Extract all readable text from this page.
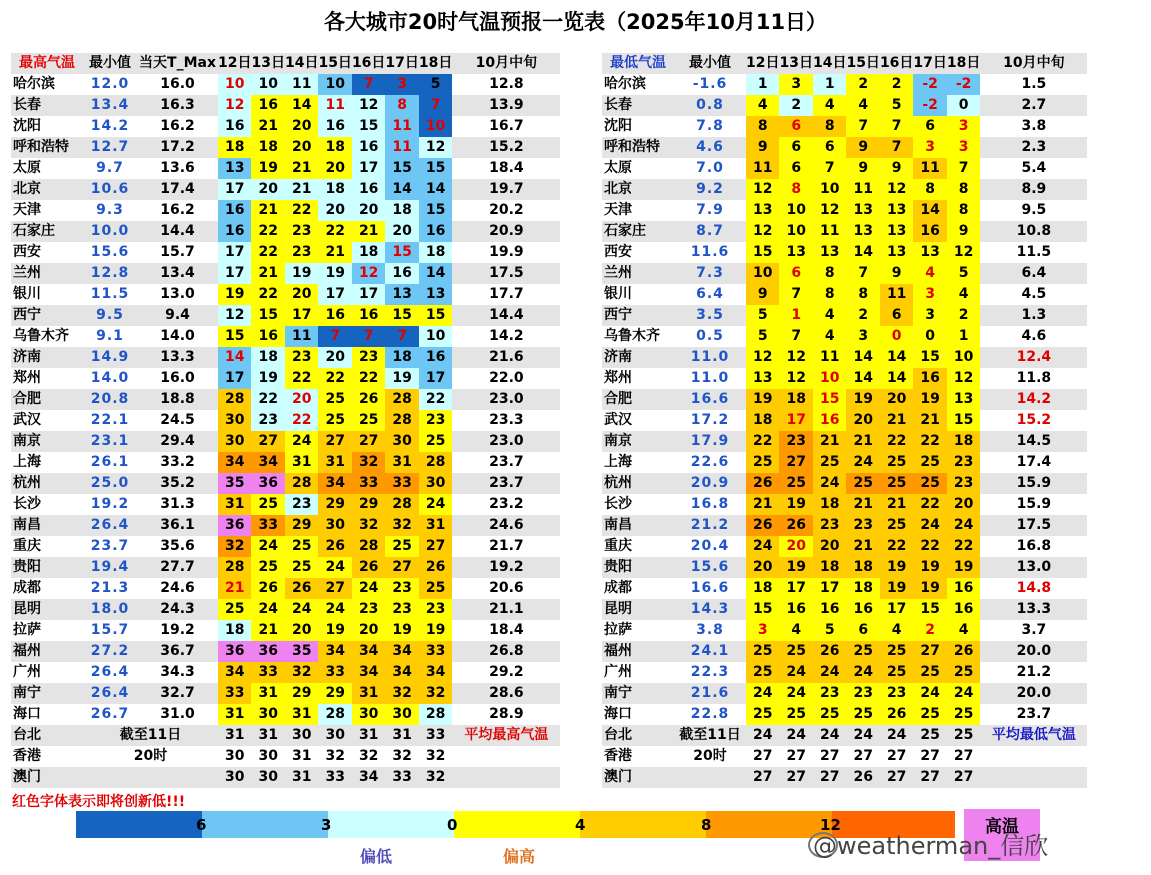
各大城市20时气温预报一览表（2025年10月11日）
最高气温	最小值	当天T_Max	12日	13日	14日	15日	16日	17日	18日	10月中旬
哈尔滨	12.0	16.0	10	10	11	10	7	3	5	12.8
长春	13.4	16.3	12	16	14	11	12	8	7	13.9
沈阳	14.2	16.2	16	21	20	16	15	11	10	16.7
呼和浩特	12.7	17.2	18	18	20	18	16	11	12	15.2
太原	9.7	13.6	13	19	21	20	17	15	15	18.4
北京	10.6	17.4	17	20	21	18	16	14	14	19.7
天津	9.3	16.2	16	21	22	20	20	18	15	20.2
石家庄	10.0	14.4	16	22	23	22	21	20	16	20.9
西安	15.6	15.7	17	22	23	21	18	15	18	19.9
兰州	12.8	13.4	17	21	19	19	12	16	14	17.5
银川	11.5	13.0	19	22	20	17	17	13	13	17.7
西宁	9.5	9.4	12	15	17	16	16	15	15	14.4
乌鲁木齐	9.1	14.0	15	16	11	7	7	7	10	14.2
济南	14.9	13.3	14	18	23	20	23	18	16	21.6
郑州	14.0	16.0	17	19	22	22	22	19	17	22.0
合肥	20.8	18.8	28	22	20	25	26	28	22	23.0
武汉	22.1	24.5	30	23	22	25	25	28	23	23.3
南京	23.1	29.4	30	27	24	27	27	30	25	23.0
上海	26.1	33.2	34	34	31	31	32	31	28	23.7
杭州	25.0	35.2	35	36	28	34	33	33	30	23.7
长沙	19.2	31.3	31	25	23	29	29	28	24	23.2
南昌	26.4	36.1	36	33	29	30	32	32	31	24.6
重庆	23.7	35.6	32	24	25	26	28	25	27	21.7
贵阳	19.4	27.7	28	25	25	24	26	27	26	19.2
成都	21.3	24.6	21	26	26	27	24	23	25	20.6
昆明	18.0	24.3	25	24	24	24	23	23	23	21.1
拉萨	15.7	19.2	18	21	20	19	20	19	19	18.4
福州	27.2	36.7	36	36	35	34	34	34	33	26.8
广州	26.4	34.3	34	33	32	33	34	34	34	29.2
南宁	26.4	32.7	33	31	29	29	31	32	32	28.6
海口	26.7	31.0	31	30	31	28	30	30	28	28.9
台北	截至11日		31	31	30	30	31	31	33	平均最高气温
香港	20时		30	30	31	32	32	32	32	
澳门			30	30	31	33	34	33	32	
最低气温	最小值	12日	13日	14日	15日	16日	17日	18日	10月中旬
哈尔滨	-1.6	1	3	1	2	2	-2	-2	1.5
长春	0.8	4	2	4	4	5	-2	0	2.7
沈阳	7.8	8	6	8	7	7	6	3	3.8
呼和浩特	4.6	9	6	6	9	7	3	3	2.3
太原	7.0	11	6	7	9	9	11	7	5.4
北京	9.2	12	8	10	11	12	8	8	8.9
天津	7.9	13	10	12	13	13	14	8	9.5
石家庄	8.7	12	10	11	13	13	16	9	10.8
西安	11.6	15	13	13	14	13	13	12	11.5
兰州	7.3	10	6	8	7	9	4	5	6.4
银川	6.4	9	7	8	8	11	3	4	4.5
西宁	3.5	5	1	4	2	6	3	2	1.3
乌鲁木齐	0.5	5	7	4	3	0	0	1	4.6
济南	11.0	12	12	11	14	14	15	10	12.4
郑州	11.0	13	12	10	14	14	16	12	11.8
合肥	16.6	19	18	15	19	20	19	13	14.2
武汉	17.2	18	17	16	20	21	21	15	15.2
南京	17.9	22	23	21	21	22	22	18	14.5
上海	22.6	25	27	25	24	25	25	23	17.4
杭州	20.9	26	25	24	25	25	25	23	15.9
长沙	16.8	21	19	18	21	21	22	20	15.9
南昌	21.2	26	26	23	23	25	24	24	17.5
重庆	20.4	24	20	20	21	22	22	22	16.8
贵阳	15.6	20	19	18	18	19	19	19	13.0
成都	16.6	18	17	17	18	19	19	16	14.8
昆明	14.3	15	16	16	16	17	15	16	13.3
拉萨	3.8	3	4	5	6	4	2	4	3.7
福州	24.1	25	25	26	25	25	27	26	20.0
广州	22.3	25	24	24	24	25	25	25	21.2
南宁	21.6	24	24	23	23	23	24	24	20.0
海口	22.8	25	25	25	25	26	25	25	23.7
台北	截至11日	24	24	24	24	24	25	25	平均最低气温
香港	20时	27	27	27	27	27	27	27	
澳门		27	27	27	26	27	27	27	
红色字体表示即将创新低!!!
6	3	0	4	8	12	高温
偏低	偏高	@weatherman_信欣
